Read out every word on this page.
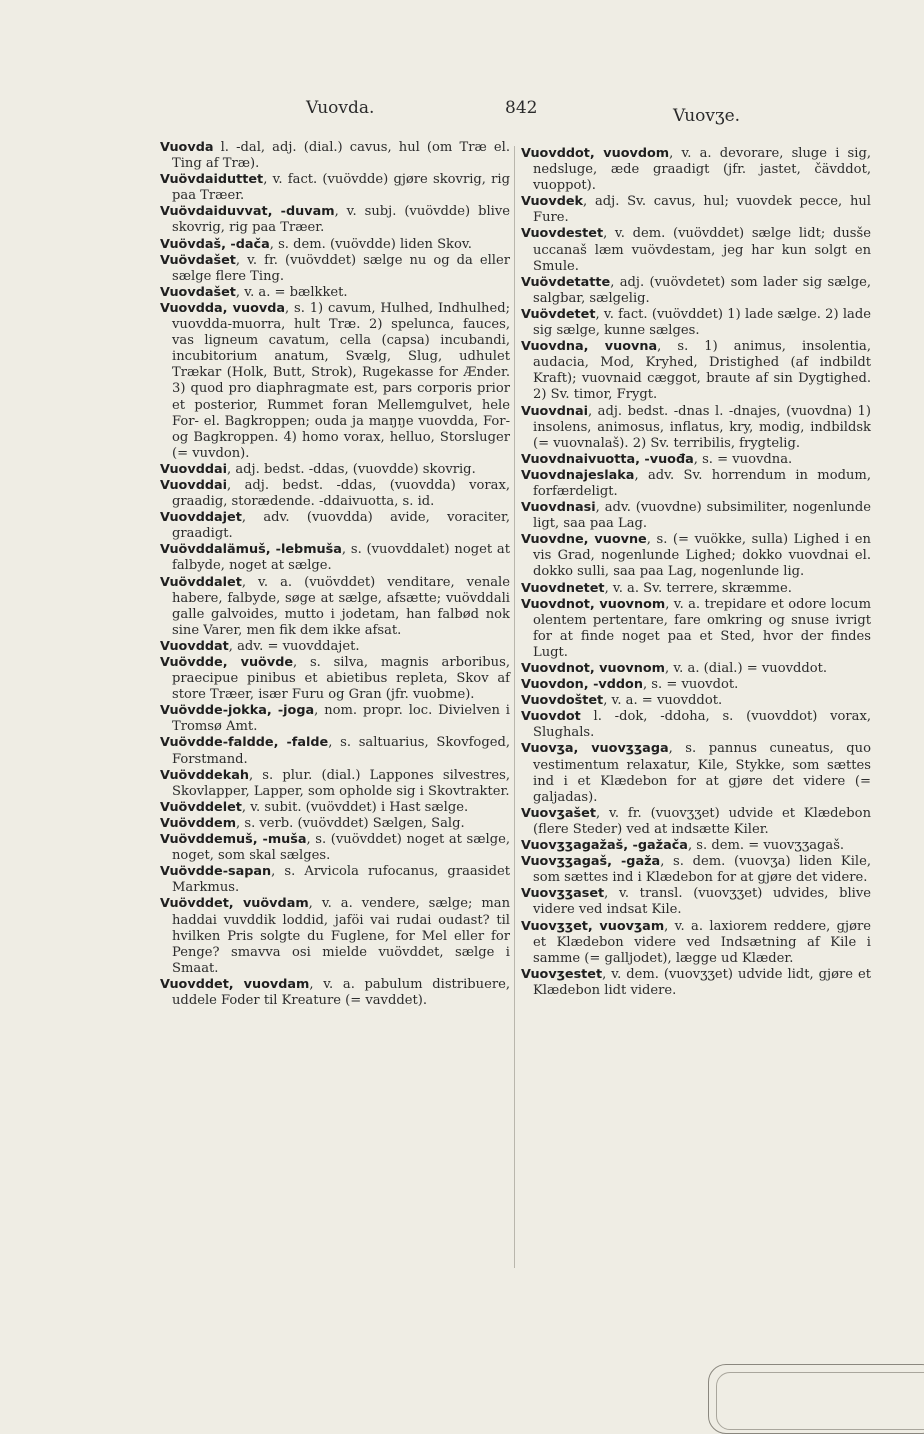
Vuovda.	842	Vuovʒe.
Vuovda l. -dal, adj. (dial.) cavus, hul (om Træ el. Ting af Træ).
Vuövdaiduttet, v. fact. (vuövdde) gjøre skovrig, rig paa Træer.
Vuövdaiduvvat, -duvam, v. subj. (vuövdde) blive skovrig, rig paa Træer.
Vuövdaš, -dača, s. dem. (vuövdde) liden Skov.
Vuövdašet, v. fr. (vuövddet) sælge nu og da eller sælge flere Ting.
Vuovdašet, v. a. = bælkket.
Vuovdda, vuovda, s. 1) cavum, Hulhed, Indhulhed; vuovdda-muorra, hult Træ. 2) spelunca, fauces, vas ligneum cavatum, cella (capsa) incubandi, incubitorium anatum, Svælg, Slug, udhulet Trækar (Holk, Butt, Strok), Rugekasse for Ænder. 3) quod pro diaphragmate est, pars corporis prior et posterior, Rummet foran Mellemgulvet, hele For- el. Bagkroppen; ouda ja maŋŋe vuovdda, For- og Bagkroppen. 4) homo vorax, helluo, Storsluger (= vuvdon).
Vuovddai, adj. bedst. -ddas, (vuovdde) skovrig.
Vuovddai, adj. bedst. -ddas, (vuovdda) vorax, graadig, storædende. -ddaivuotta, s. id.
Vuovddajet, adv. (vuovdda) avide, voraciter, graadigt.
Vuövddalämuš, -lebmuša, s. (vuovddalet) noget at falbyde, noget at sælge.
Vuövddalet, v. a. (vuövddet) venditare, venale habere, falbyde, søge at sælge, afsætte; vuövddali galle galvoides, mutto i jodetam, han falbød nok sine Varer, men fik dem ikke afsat.
Vuovddat, adv. = vuovddajet.
Vuövdde, vuövde, s. silva, magnis arboribus, praecipue pinibus et abietibus repleta, Skov af store Træer, især Furu og Gran (jfr. vuobme).
Vuövdde-jokka, -joga, nom. propr. loc. Divielven i Tromsø Amt.
Vuövdde-faldde, -falde, s. saltuarius, Skovfoged, Forstmand.
Vuövddekah, s. plur. (dial.) Lappones silvestres, Skovlapper, Lapper, som opholde sig i Skovtrakter.
Vuövddelet, v. subit. (vuövddet) i Hast sælge.
Vuövddem, s. verb. (vuövddet) Sælgen, Salg.
Vuövddemuš, -muša, s. (vuövddet) noget at sælge, noget, som skal sælges.
Vuövdde-sapan, s. Arvicola rufocanus, graasidet Markmus.
Vuövddet, vuövdam, v. a. vendere, sælge; man haddai vuvddik loddid, jaföi vai rudai oudast? til hvilken Pris solgte du Fuglene, for Mel eller for Penge? smavva osi mielde vuövddet, sælge i Smaat.
Vuovddet, vuovdam, v. a. pabulum distribuere, uddele Foder til Kreature (= vavddet).
Vuovddot, vuovdom, v. a. devorare, sluge i sig, nedsluge, æde graadigt (jfr. jastet, čävddot, vuoppot).
Vuovdek, adj. Sv. cavus, hul; vuovdek pecce, hul Fure.
Vuovdestet, v. dem. (vuövddet) sælge lidt; dusše uccanaš læm vuövdestam, jeg har kun solgt en Smule.
Vuövdetatte, adj. (vuövdetet) som lader sig sælge, salgbar, sælgelig.
Vuövdetet, v. fact. (vuövddet) 1) lade sælge. 2) lade sig sælge, kunne sælges.
Vuovdna, vuovna, s. 1) animus, insolentia, audacia, Mod, Kryhed, Dristighed (af indbildt Kraft); vuovnaid cæggot, braute af sin Dygtighed. 2) Sv. timor, Frygt.
Vuovdnai, adj. bedst. -dnas l. -dnajes, (vuovdna) 1) insolens, animosus, inflatus, kry, modig, indbildsk (= vuovnalaš). 2) Sv. terribilis, frygtelig.
Vuovdnaivuotta, -vuođa, s. = vuovdna.
Vuovdnajeslaka, adv. Sv. horrendum in modum, forfærdeligt.
Vuovdnasi, adv. (vuovdne) subsimiliter, nogenlunde ligt, saa paa Lag.
Vuovdne, vuovne, s. (= vuökke, sulla) Lighed i en vis Grad, nogenlunde Lighed; dokko vuovdnai el. dokko sulli, saa paa Lag, nogenlunde lig.
Vuovdnetet, v. a. Sv. terrere, skræmme.
Vuovdnot, vuovnom, v. a. trepidare et odore locum olentem pertentare, fare omkring og snuse ivrigt for at finde noget paa et Sted, hvor der findes Lugt.
Vuovdnot, vuovnom, v. a. (dial.) = vuovddot.
Vuovdon, -vddon, s. = vuovdot.
Vuovdoštet, v. a. = vuovddot.
Vuovdot l. -dok, -ddoha, s. (vuovddot) vorax, Slughals.
Vuovʒa, vuovʒʒaga, s. pannus cuneatus, quo vestimentum relaxatur, Kile, Stykke, som sættes ind i et Klædebon for at gjøre det videre (= galjadas).
Vuovʒašet, v. fr. (vuovʒʒet) udvide et Klædebon (flere Steder) ved at indsætte Kiler.
Vuovʒʒagažaš, -gažača, s. dem. = vuovʒʒagaš.
Vuovʒʒagaš, -gaža, s. dem. (vuovʒa) liden Kile, som sættes ind i Klædebon for at gjøre det videre.
Vuovʒʒaset, v. transl. (vuovʒʒet) udvides, blive videre ved indsat Kile.
Vuovʒʒet, vuovʒam, v. a. laxiorem reddere, gjøre et Klædebon videre ved Indsætning af Kile i samme (= galljodet), lægge ud Klæder.
Vuovʒestet, v. dem. (vuovʒʒet) udvide lidt, gjøre et Klædebon lidt videre.
